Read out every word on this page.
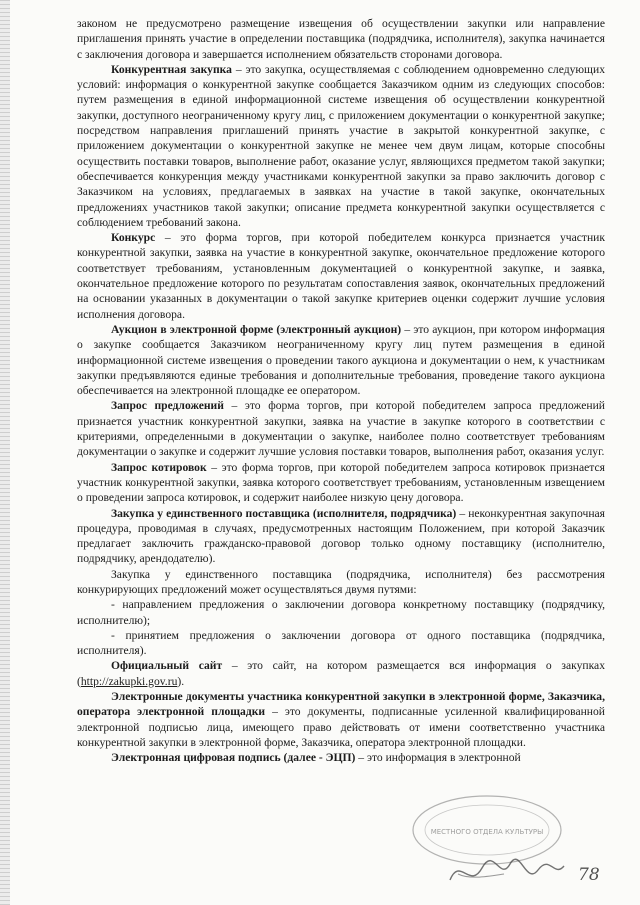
законом не предусмотрено размещение извещения об осуществлении закупки или направление приглашения принять участие в определении поставщика (подрядчика, исполнителя), закупка начинается с заключения договора и завершается исполнением обязательств сторонами договора.

Конкурентная закупка – это закупка, осуществляемая с соблюдением одновременно следующих условий: информация о конкурентной закупке сообщается Заказчиком одним из следующих способов: путем размещения в единой информационной системе извещения об осуществлении конкурентной закупки, доступного неограниченному кругу лиц, с приложением документации о конкурентной закупке; посредством направления приглашений принять участие в закрытой конкурентной закупке, с приложением документации о конкурентной закупке не менее чем двум лицам, которые способны осуществить поставки товаров, выполнение работ, оказание услуг, являющихся предметом такой закупки; обеспечивается конкуренция между участниками конкурентной закупки за право заключить договор с Заказчиком на условиях, предлагаемых в заявках на участие в такой закупке, окончательных предложениях участников такой закупки; описание предмета конкурентной закупки осуществляется с соблюдением требований закона.

Конкурс – это форма торгов, при которой победителем конкурса признается участник конкурентной закупки, заявка на участие в конкурентной закупке, окончательное предложение которого соответствует требованиям, установленным документацией о конкурентной закупке, и заявка, окончательное предложение которого по результатам сопоставления заявок, окончательных предложений на основании указанных в документации о такой закупке критериев оценки содержит лучшие условия исполнения договора.

Аукцион в электронной форме (электронный аукцион) – это аукцион, при котором информация о закупке сообщается Заказчиком неограниченному кругу лиц путем размещения в единой информационной системе извещения о проведении такого аукциона и документации о нем, к участникам закупки предъявляются единые требования и дополнительные требования, проведение такого аукциона обеспечивается на электронной площадке ее оператором.

Запрос предложений – это форма торгов, при которой победителем запроса предложений признается участник конкурентной закупки, заявка на участие в закупке которого в соответствии с критериями, определенными в документации о закупке, наиболее полно соответствует требованиям документации о закупке и содержит лучшие условия поставки товаров, выполнения работ, оказания услуг.

Запрос котировок – это форма торгов, при которой победителем запроса котировок признается участник конкурентной закупки, заявка которого соответствует требованиям, установленным извещением о проведении запроса котировок, и содержит наиболее низкую цену договора.

Закупка у единственного поставщика (исполнителя, подрядчика) – неконкурентная закупочная процедура, проводимая в случаях, предусмотренных настоящим Положением, при которой Заказчик предлагает заключить гражданско-правовой договор только одному поставщику (исполнителю, подрядчику, арендодателю).

Закупка у единственного поставщика (подрядчика, исполнителя) без рассмотрения конкурирующих предложений может осуществляться двумя путями:

- направлением предложения о заключении договора конкретному поставщику (подрядчику, исполнителю);

- принятием предложения о заключении договора от одного поставщика (подрядчика, исполнителя).

Официальный сайт – это сайт, на котором размещается вся информация о закупках (http://zakupki.gov.ru).

Электронные документы участника конкурентной закупки в электронной форме, Заказчика, оператора электронной площадки – это документы, подписанные усиленной квалифицированной электронной подписью лица, имеющего право действовать от имени соответственно участника конкурентной закупки в электронной форме, Заказчика, оператора электронной площадки.

Электронная цифровая подпись (далее - ЭЦП) – это информация в электронной

МЕСТНОГО ОТДЕЛА КУЛЬТУРЫ
78
